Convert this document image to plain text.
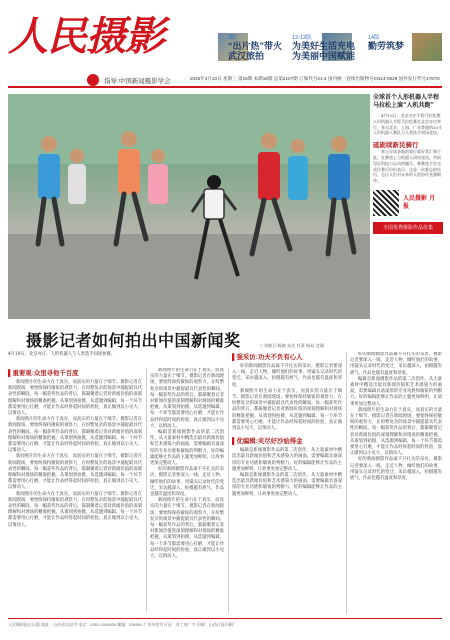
人民摄影
指导:中国新闻摄影学会
3版
“出片热”带火
武汉旅拍
12-13版
为美好生活充电
为美丽中国赋能
14版
勤劳筑梦
2025年4月23日 星期三 第15期 本期16版 总第2107期 订阅代号21-2 国内统一连续出版物号CN14-0029 国外发行代号4767D
全球首个人形机器人半程马拉松上演“人机共跑”
4月19日，北京亦庄半程马拉松暨人形机器人半程马拉松赛在北京亦庄举行，来自北京、上海、广东等地的20支人形机器人赛队与人类选手同场竞技。
砥砺续新民骑行
来自全球各地的骑行爱好者汇聚于此，在赛道上与机器人同场竞技，共同见证科技与运动的融合。参赛选手在完成比赛后纷纷表示，这是一次难忘的经历，也让人们对未来的人机协作充满期待。
人民摄影 月报
全国优秀摄影作品征集
摄影记者如何拍出中国新闻奖	□ 刘晓日 杨镇 朱浩 杜萧 杨易 沈涵
4月19日，北京亦庄，人形机器人与人类选手同场参赛。
▌ 重要观:众里寻他千百度
新闻照片的生命力在于真实，而真实的力量在于细节。摄影记者在新闻现场，要始终保持敏锐的观察力，在纷繁复杂的场景中捕捉最具代表性的瞬间。每一幅获奖作品的背后，都凝聚着记者对新闻价值的深刻理解和对现场的精准把握。从策划到拍摄，从选题到编辑，每一个环节都需要用心打磨，才能让作品经得起时间的检验，真正做到以小见大、以情动人。
新闻照片的生命力在于真实，而真实的力量在于细节。摄影记者在新闻现场，要始终保持敏锐的观察力，在纷繁复杂的场景中捕捉最具代表性的瞬间。每一幅获奖作品的背后，都凝聚着记者对新闻价值的深刻理解和对现场的精准把握。从策划到拍摄，从选题到编辑，每一个环节都需要用心打磨，才能让作品经得起时间的检验，真正做到以小见大、以情动人。
新闻照片的生命力在于真实，而真实的力量在于细节。摄影记者在新闻现场，要始终保持敏锐的观察力，在纷繁复杂的场景中捕捉最具代表性的瞬间。每一幅获奖作品的背后，都凝聚着记者对新闻价值的深刻理解和对现场的精准把握。从策划到拍摄，从选题到编辑，每一个环节都需要用心打磨，才能让作品经得起时间的检验，真正做到以小见大、以情动人。
新闻照片的生命力在于真实，而真实的力量在于细节。摄影记者在新闻现场，要始终保持敏锐的观察力，在纷繁复杂的场景中捕捉最具代表性的瞬间。每一幅获奖作品的背后，都凝聚着记者对新闻价值的深刻理解和对现场的精准把握。从策划到拍摄，从选题到编辑，每一个环节都需要用心打磨，才能让作品经得起时间的检验，真正做到以小见大、以情动人。
新闻照片的生命力在于真实，而真实的力量在于细节。摄影记者在新闻现场，要始终保持敏锐的观察力，在纷繁复杂的场景中捕捉最具代表性的瞬间。每一幅获奖作品的背后，都凝聚着记者对新闻价值的深刻理解和对现场的精准把握。从策划到拍摄，从选题到编辑，每一个环节都需要用心打磨，才能让作品经得起时间的检验，真正做到以小见大、以情动人。
编辑是新闻摄影作品的第二次创作。从大量素材中精选出最具新闻价值和艺术感染力的画面，需要编辑具备深厚的专业功底和敏锐的判断力。好的编辑能够让作品的主题更加鲜明，让故事更加完整动人。
好的新闻摄影作品离不开扎实的采访。摄影记者要深入一线，走近人物，倾听他们的故事，用镜头记录时代的变迁。采访越深入，拍摄越有底气，作品也越有温度和厚度。
新闻照片的生命力在于真实，而真实的力量在于细节。摄影记者在新闻现场，要始终保持敏锐的观察力，在纷繁复杂的场景中捕捉最具代表性的瞬间。每一幅获奖作品的背后，都凝聚着记者对新闻价值的深刻理解和对现场的精准把握。从策划到拍摄，从选题到编辑，每一个环节都需要用心打磨，才能让作品经得起时间的检验，真正做到以小见大、以情动人。
▌ 强采访:功夫不负有心人
好的新闻摄影作品离不开扎实的采访。摄影记者要深入一线，走近人物，倾听他们的故事，用镜头记录时代的变迁。采访越深入，拍摄越有底气，作品也越有温度和厚度。
新闻照片的生命力在于真实，而真实的力量在于细节。摄影记者在新闻现场，要始终保持敏锐的观察力，在纷繁复杂的场景中捕捉最具代表性的瞬间。每一幅获奖作品的背后，都凝聚着记者对新闻价值的深刻理解和对现场的精准把握。从策划到拍摄，从选题到编辑，每一个环节都需要用心打磨，才能让作品经得起时间的检验，真正做到以小见大、以情动人。
▌ 优编辑:夹尽好沙始得金
编辑是新闻摄影作品的第二次创作。从大量素材中精选出最具新闻价值和艺术感染力的画面，需要编辑具备深厚的专业功底和敏锐的判断力。好的编辑能够让作品的主题更加鲜明，让故事更加完整动人。
编辑是新闻摄影作品的第二次创作。从大量素材中精选出最具新闻价值和艺术感染力的画面，需要编辑具备深厚的专业功底和敏锐的判断力。好的编辑能够让作品的主题更加鲜明，让故事更加完整动人。
好的新闻摄影作品离不开扎实的采访。摄影记者要深入一线，走近人物，倾听他们的故事，用镜头记录时代的变迁。采访越深入，拍摄越有底气，作品也越有温度和厚度。
编辑是新闻摄影作品的第二次创作。从大量素材中精选出最具新闻价值和艺术感染力的画面，需要编辑具备深厚的专业功底和敏锐的判断力。好的编辑能够让作品的主题更加鲜明，让故事更加完整动人。
新闻照片的生命力在于真实，而真实的力量在于细节。摄影记者在新闻现场，要始终保持敏锐的观察力，在纷繁复杂的场景中捕捉最具代表性的瞬间。每一幅获奖作品的背后，都凝聚着记者对新闻价值的深刻理解和对现场的精准把握。从策划到拍摄，从选题到编辑，每一个环节都需要用心打磨，才能让作品经得起时间的检验，真正做到以小见大、以情动人。
好的新闻摄影作品离不开扎实的采访。摄影记者要深入一线，走近人物，倾听他们的故事，用镜头记录时代的变迁。采访越深入，拍摄越有底气，作品也越有温度和厚度。
人民摄影报社出版 地址：山西省太原市 电话：0351-0000000 邮编：030000 广告经营许可证：晋工商广字 印刷：山西日报印刷厂
